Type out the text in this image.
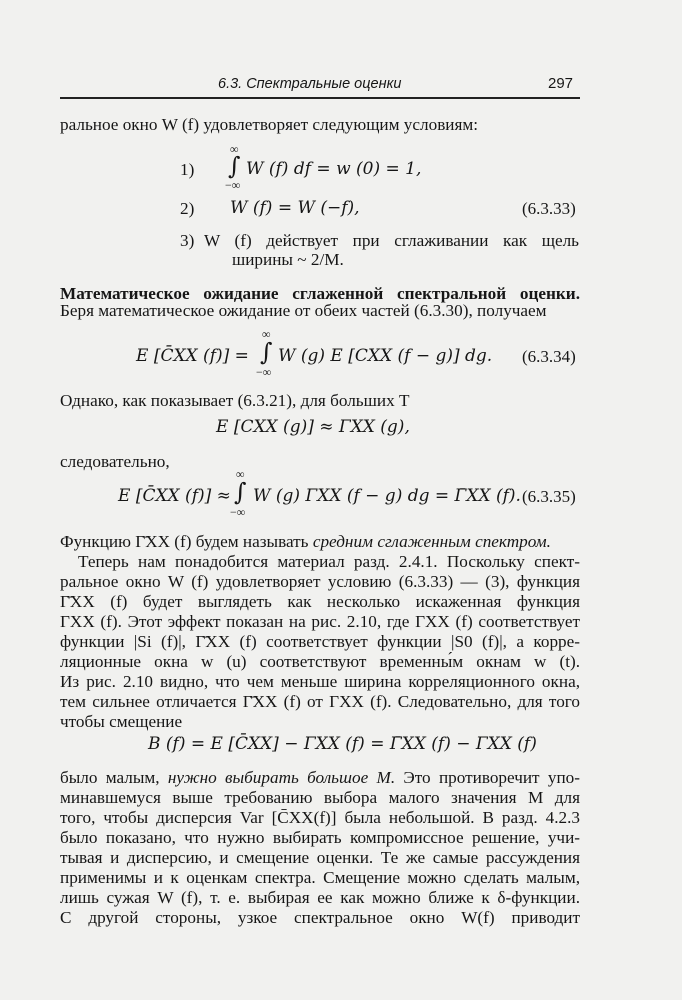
6.3. Спектральные оценки	297
ральное окно W (f) удовлетворяет следующим условиям:
1) ∫
∞
−∞
W (f) df = w (0) = 1,
2) W (f) = W (−f),	(6.3.33)
3) W (f) действует при сглаживании как щель
ширины ~ 2/M.
Математическое ожидание сглаженной спектральной оценки.
Беря математическое ожидание от обеих частей (6.3.30), получаем
E [C̄XX (f)] = ∫
∞
−∞
W (g) E [CXX (f − g)] dg. (6.3.34)
Однако, как показывает (6.3.21), для больших T
E [CXX (g)] ≈ ΓXX (g),
следовательно,
E [C̄XX (f)] ≈ ∫
∞
−∞
W (g) ΓXX (f − g) dg = Γ̄XX (f). (6.3.35)
Функцию Γ̄XX (f) будем называть средним сглаженным спектром.
Теперь нам понадобится материал разд. 2.4.1. Поскольку спект-
ральное окно W (f) удовлетворяет условию (6.3.33) — (3), функция
Γ̄XX (f) будет выглядеть как несколько искаженная функция
ΓXX (f). Этот эффект показан на рис. 2.10, где ΓXX (f) соответствует
функции |Si (f)|, Γ̄XX (f) соответствует функции |S0 (f)|, а корре-
ляционные окна w (u) соответствуют временны́м окнам w (t).
Из рис. 2.10 видно, что чем меньше ширина корреляционного окна,
тем сильнее отличается Γ̄XX (f) от ΓXX (f). Следовательно, для того
чтобы смещение
B (f) = E [C̄XX] − ΓXX (f) = Γ̄XX (f) − ΓXX (f)
было малым, нужно выбирать большое M. Это противоречит упо-
минавшемуся выше требованию выбора малого значения M для
того, чтобы дисперсия Var [C̄XX(f)] была небольшой. В разд. 4.2.3
было показано, что нужно выбирать компромиссное решение, учи-
тывая и дисперсию, и смещение оценки. Те же самые рассуждения
применимы и к оценкам спектра. Смещение можно сделать малым,
лишь сужая W (f), т. е. выбирая ее как можно ближе к δ-функции.
С другой стороны, узкое спектральное окно W(f) приводит
